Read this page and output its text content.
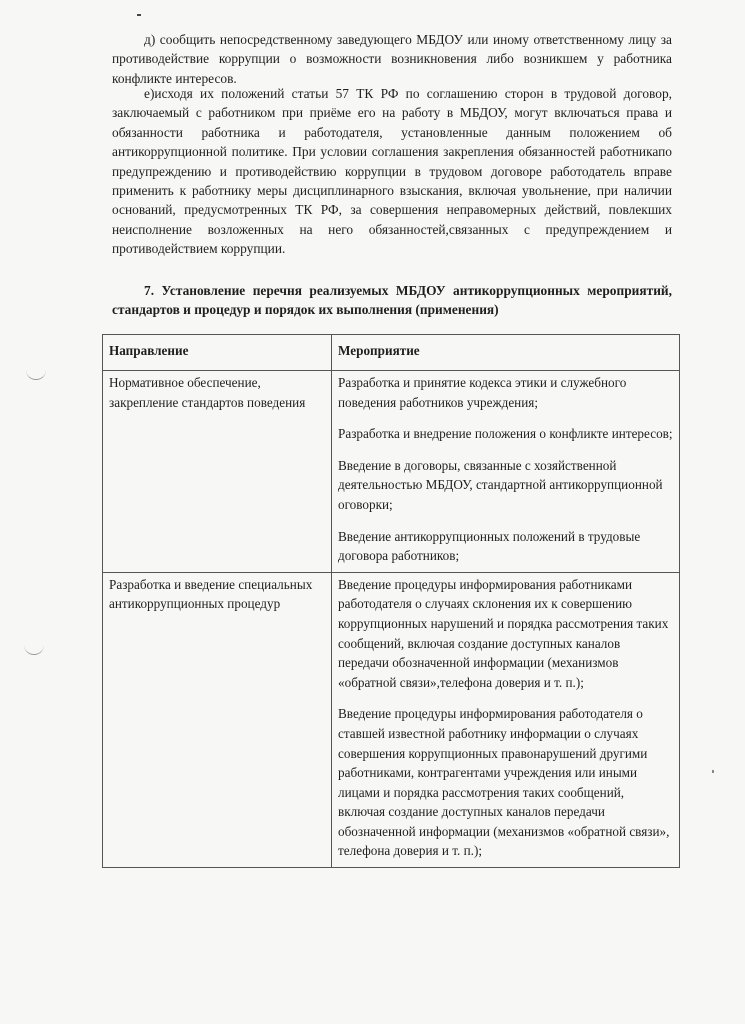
д) сообщить непосредственному заведующего МБДОУ или иному ответственному лицу за противодействие коррупции о возможности возникновения либо возникшем у работника конфликте интересов.

е)исходя их положений статьи 57 ТК РФ по соглашению сторон в трудовой договор, заключаемый с работником при приёме его на работу в МБДОУ, могут включаться права и обязанности работника и работодателя, установленные данным положением об антикоррупционной политике. При условии соглашения закрепления обязанностей работникапо предупреждению и противодействию коррупции в трудовом договоре работодатель вправе применить к работнику меры дисциплинарного взыскания, включая увольнение, при наличии оснований, предусмотренных ТК РФ, за совершения неправомерных действий, повлекших неисполнение возложенных на него обязанностей,связанных с предупреждением и противодействием коррупции.

7. Установление перечня реализуемых МБДОУ антикоррупционных мероприятий, стандартов и процедур и порядок их выполнения (применения)

Направление	Мероприятие
Нормативное обеспечение, закрепление стандартов поведения	Разработка и принятие кодекса этики и служебного поведения работников учреждения;

Разработка и внедрение положения о конфликте интересов;

Введение в договоры, связанные с хозяйственной деятельностью МБДОУ, стандартной антикоррупционной оговорки;

Введение антикоррупционных положений в трудовые договора работников;

Разработка и введение специальных антикоррупционных процедур	Введение процедуры информирования работниками работодателя о случаях склонения их к совершению коррупционных нарушений и порядка рассмотрения таких сообщений, включая создание доступных каналов передачи обозначенной информации (механизмов «обратной связи»,телефона доверия и т. п.);

Введение процедуры информирования работодателя о ставшей известной работнику информации о случаях совершения коррупционных правонарушений другими работниками, контрагентами учреждения или иными лицами и порядка рассмотрения таких сообщений, включая создание доступных каналов передачи обозначенной информации (механизмов «обратной связи», телефона доверия и т. п.);
